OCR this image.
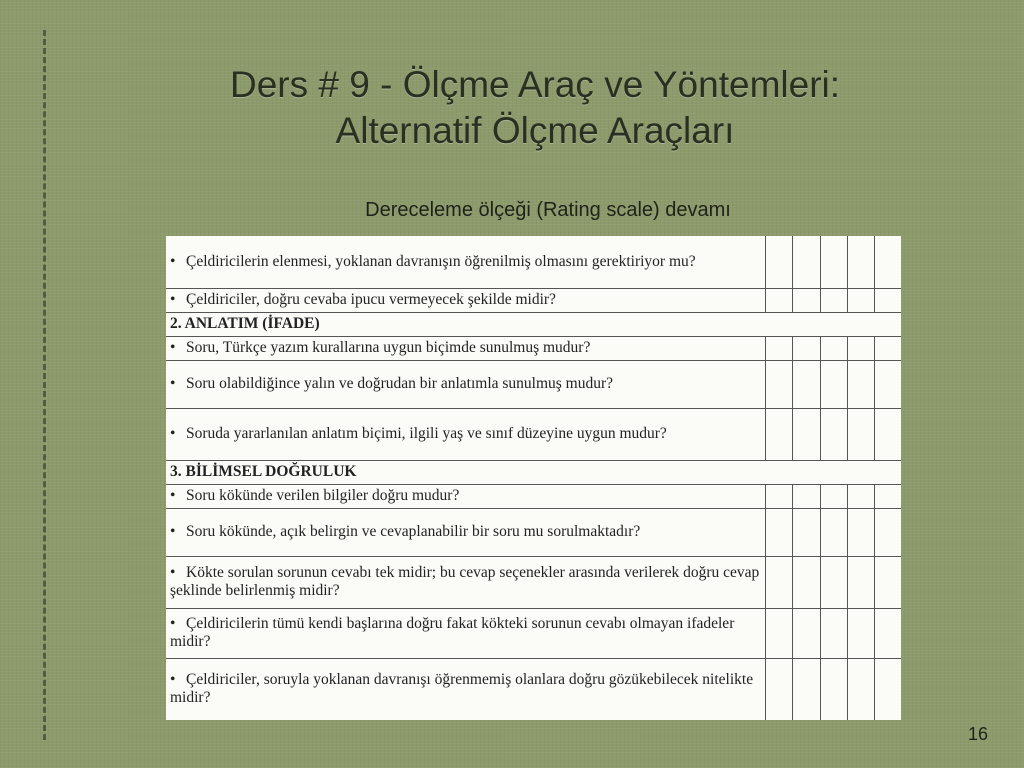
Ders # 9 - Ölçme Araç ve Yöntemleri:
Alternatif Ölçme Araçları
Dereceleme ölçeği (Rating scale) devamı
• Çeldiricilerin elenmesi, yoklanan davranışın öğrenilmiş olmasını gerektiriyor mu?					
• Çeldiriciler, doğru cevaba ipucu vermeyecek şekilde midir?					
2. ANLATIM (İFADE)					
• Soru, Türkçe yazım kurallarına uygun biçimde sunulmuş mudur?					
• Soru olabildiğince yalın ve doğrudan bir anlatımla sunulmuş mudur?					
• Soruda yararlanılan anlatım biçimi, ilgili yaş ve sınıf düzeyine uygun mudur?					
3. BİLİMSEL DOĞRULUK					
• Soru kökünde verilen bilgiler doğru mudur?					
• Soru kökünde, açık belirgin ve cevaplanabilir bir soru mu sorulmaktadır?					
• Kökte sorulan sorunun cevabı tek midir; bu cevap seçenekler arasında verilerek doğru cevap şeklinde belirlenmiş midir?					
• Çeldiricilerin tümü kendi başlarına doğru fakat kökteki sorunun cevabı olmayan ifadeler midir?					
• Çeldiriciler, soruyla yoklanan davranışı öğrenmemiş olanlara doğru gözükebilecek nitelikte midir?					
16
